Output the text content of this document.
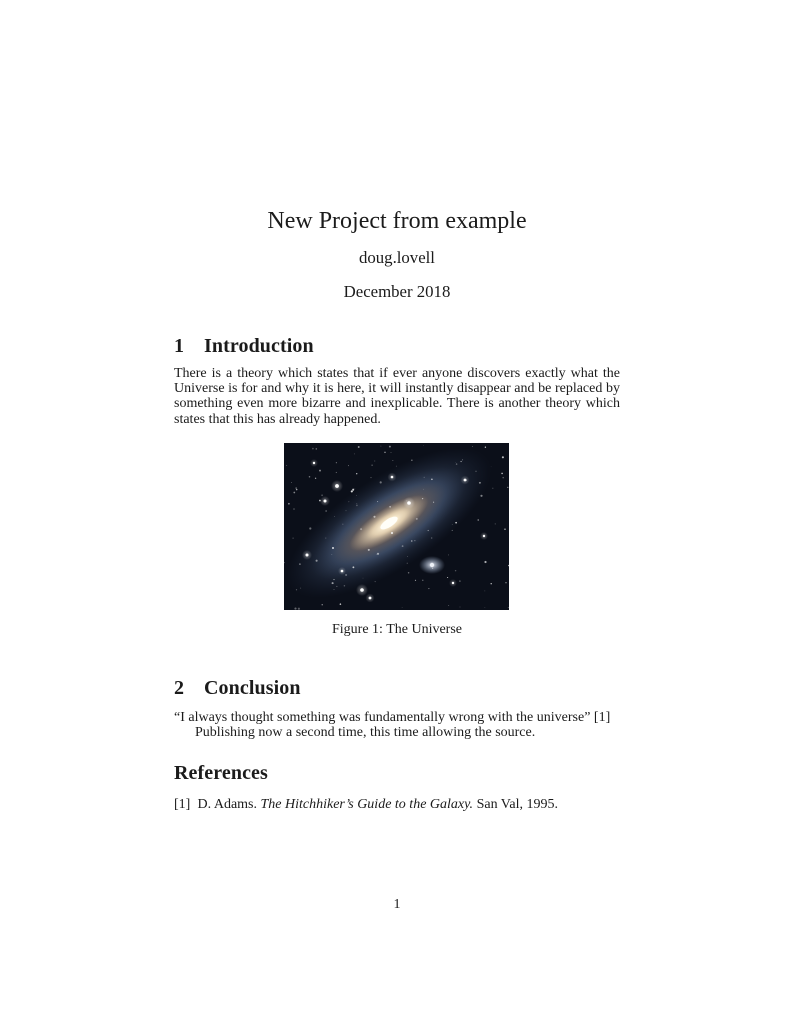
New Project from example
doug.lovell
December 2018
1 Introduction
There is a theory which states that if ever anyone discovers exactly what the
Universe is for and why it is here, it will instantly disappear and be replaced by
something even more bizarre and inexplicable. There is another theory which
states that this has already happened.
Figure 1: The Universe
2 Conclusion
“I always thought something was fundamentally wrong with the universe” [1]
Publishing now a second time, this time allowing the source.
References
[1] D. Adams. The Hitchhiker’s Guide to the Galaxy. San Val, 1995.
1
